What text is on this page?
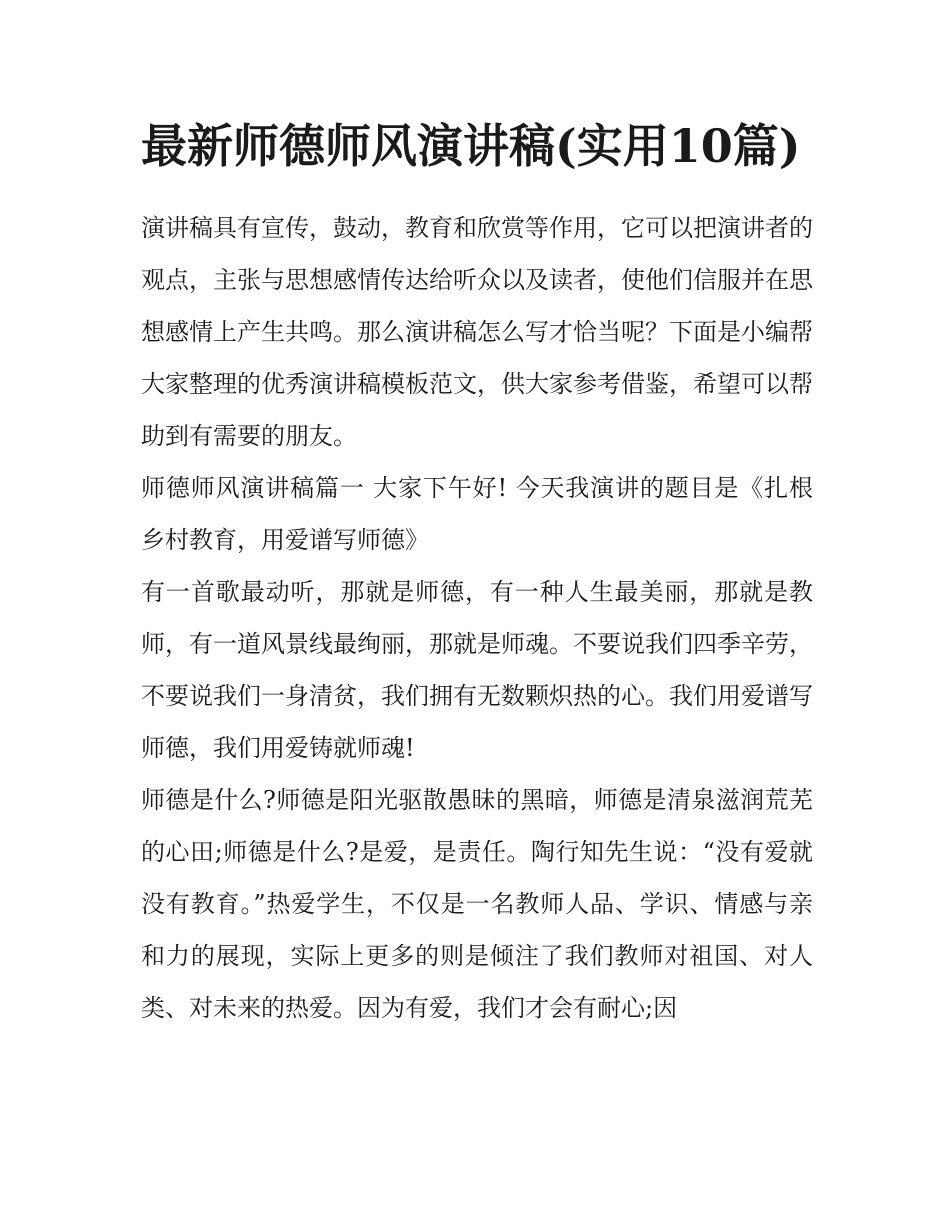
最新师德师风演讲稿(实用10篇)

演讲稿具有宣传，鼓动，教育和欣赏等作用，它可以把演讲者的观点，主张与思想感情传达给听众以及读者，使他们信服并在思想感情上产生共鸣。那么演讲稿怎么写才恰当呢？下面是小编帮大家整理的优秀演讲稿模板范文，供大家参考借鉴，希望可以帮助到有需要的朋友。

师德师风演讲稿篇一 大家下午好! 今天我演讲的题目是《扎根乡村教育，用爱谱写师德》

有一首歌最动听，那就是师德，有一种人生最美丽，那就是教师，有一道风景线最绚丽，那就是师魂。不要说我们四季辛劳，不要说我们一身清贫，我们拥有无数颗炽热的心。我们用爱谱写师德，我们用爱铸就师魂!

师德是什么?师德是阳光驱散愚昧的黑暗，师德是清泉滋润荒芜的心田;师德是什么?是爱，是责任。陶行知先生说：“没有爱就没有教育。”热爱学生，不仅是一名教师人品、学识、情感与亲和力的展现，实际上更多的则是倾注了我们教师对祖国、对人类、对未来的热爱。因为有爱，我们才会有耐心;因
